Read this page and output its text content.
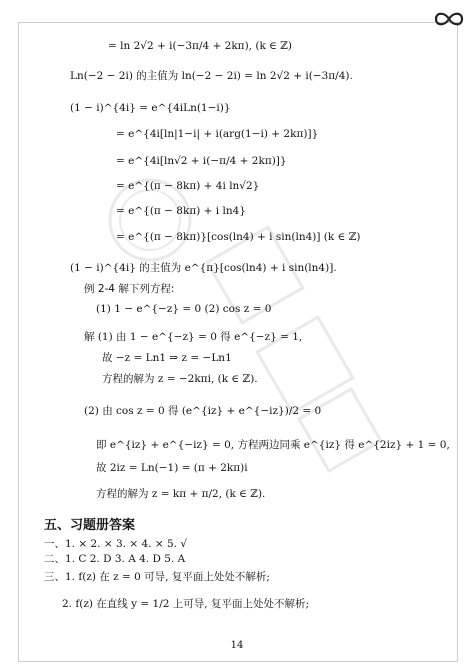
= ln 2√2 + i(−3π/4 + 2kπ), (k ∈ ℤ)
Ln(−2 − 2i) 的主值为 ln(−2 − 2i) = ln 2√2 + i(−3π/4).
(1 − i)^{4i} = e^{4iLn(1−i)}
= e^{4i[ln|1−i| + i(arg(1−i) + 2kπ)]}
= e^{4i[ln√2 + i(−π/4 + 2kπ)]}
= e^{(π − 8kπ) + 4i ln√2}
= e^{(π − 8kπ) + i ln4}
= e^{(π − 8kπ)}[cos(ln4) + i sin(ln4)] (k ∈ ℤ)
(1 − i)^{4i} 的主值为 e^{π}[cos(ln4) + i sin(ln4)].
例 2-4 解下列方程:
(1) 1 − e^{−z} = 0 (2) cos z = 0
解 (1) 由 1 − e^{−z} = 0 得 e^{−z} = 1,
故 −z = Ln1 ⇒ z = −Ln1
方程的解为 z = −2kπi, (k ∈ ℤ).
(2) 由 cos z = 0 得 (e^{iz} + e^{−iz})/2 = 0
即 e^{iz} + e^{−iz} = 0, 方程两边同乘 e^{iz} 得 e^{2iz} + 1 = 0,
故 2iz = Ln(−1) = (π + 2kπ)i
方程的解为 z = kπ + π/2, (k ∈ ℤ).
五、习题册答案
一、1. × 2. × 3. × 4. × 5. √
二、1. C 2. D 3. A 4. D 5. A
三、1. f(z) 在 z = 0 可导, 复平面上处处不解析;
2. f(z) 在直线 y = 1/2 上可导, 复平面上处处不解析;
14
